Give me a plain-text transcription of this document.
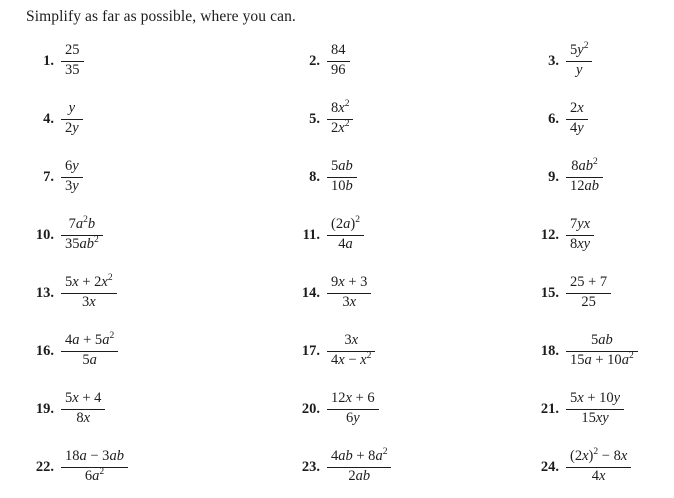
Simplify as far as possible, where you can.
1. $\frac{25}{35}$	2. $\frac{84}{96}$	3. $\frac{5y^2}{y}$
4. $\frac{y}{2y}$	5. $\frac{8x^2}{2x^2}$	6. $\frac{2x}{4y}$
7. $\frac{6y}{3y}$	8. $\frac{5ab}{10b}$	9. $\frac{8ab^2}{12ab}$
10. $\frac{7a^2b}{35ab^2}$	11. $\frac{(2a)^2}{4a}$	12. $\frac{7yx}{8xy}$
13. $\frac{5x + 2x^2}{3x}$	14. $\frac{9x + 3}{3x}$	15. $\frac{25 + 7}{25}$
16. $\frac{4a + 5a^2}{5a}$	17. $\frac{3x}{4x - x^2}$	18. $\frac{5ab}{15a + 10a^2}$
19. $\frac{5x + 4}{8x}$	20. $\frac{12x + 6}{6y}$	21. $\frac{5x + 10y}{15xy}$
22. $\frac{18a - 3ab}{6a^2}$	23. $\frac{4ab + 8a^2}{2ab}$	24. $\frac{(2x)^2 - 8x}{4x}$
